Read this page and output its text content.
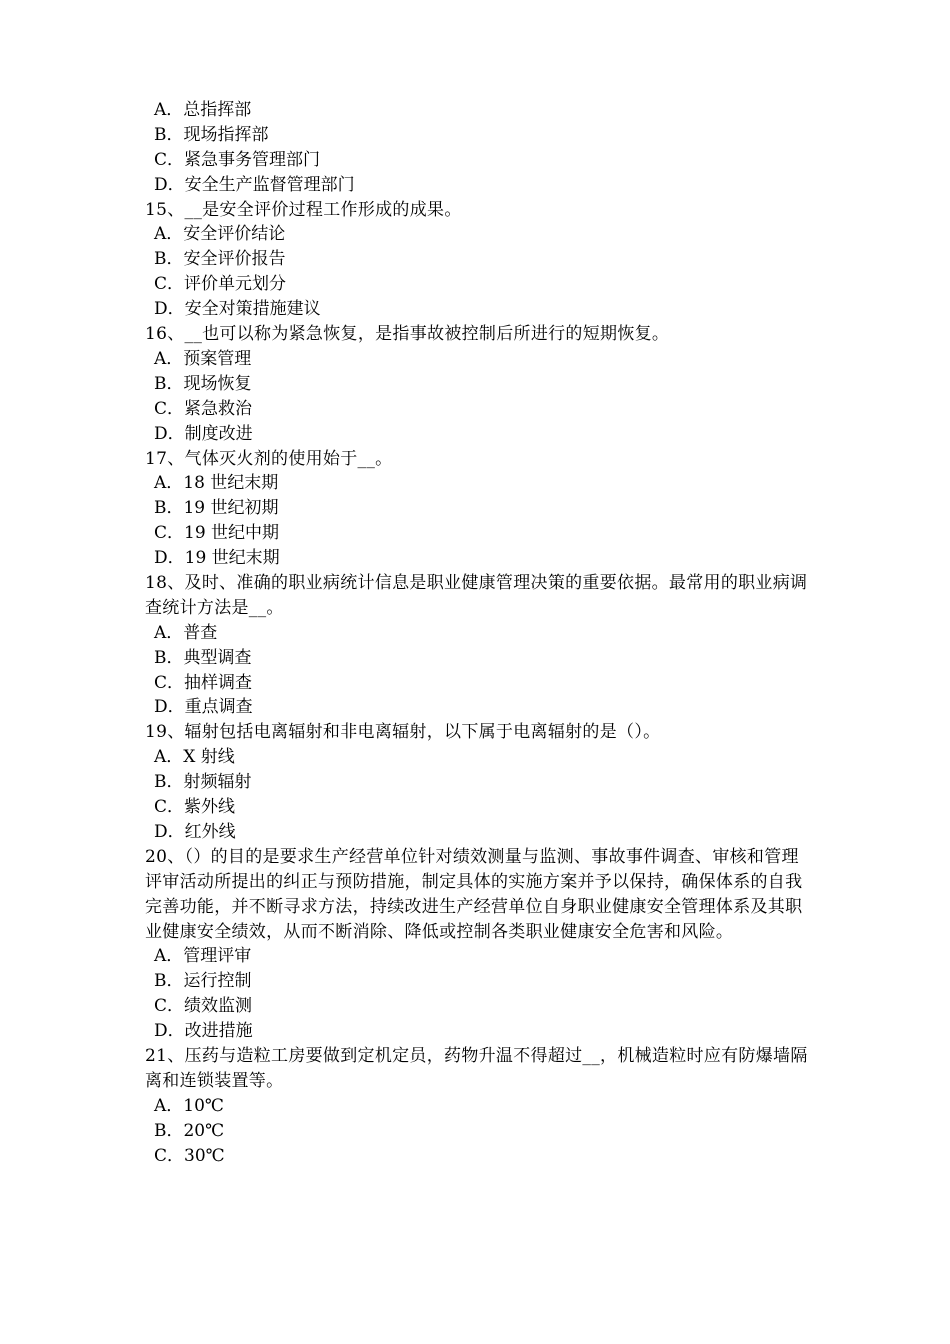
A．总指挥部
B．现场指挥部
C．紧急事务管理部门
D．安全生产监督管理部门
15、__是安全评价过程工作形成的成果。
A．安全评价结论
B．安全评价报告
C．评价单元划分
D．安全对策措施建议
16、__也可以称为紧急恢复，是指事故被控制后所进行的短期恢复。
A．预案管理
B．现场恢复
C．紧急救治
D．制度改进
17、气体灭火剂的使用始于__。
A．18 世纪末期
B．19 世纪初期
C．19 世纪中期
D．19 世纪末期
18、及时、准确的职业病统计信息是职业健康管理决策的重要依据。最常用的职业病调查统计方法是__。
A．普查
B．典型调查
C．抽样调查
D．重点调查
19、辐射包括电离辐射和非电离辐射，以下属于电离辐射的是（）。
A．X 射线
B．射频辐射
C．紫外线
D．红外线
20、（）的目的是要求生产经营单位针对绩效测量与监测、事故事件调查、审核和管理评审活动所提出的纠正与预防措施，制定具体的实施方案并予以保持，确保体系的自我完善功能，并不断寻求方法，持续改进生产经营单位自身职业健康安全管理体系及其职业健康安全绩效，从而不断消除、降低或控制各类职业健康安全危害和风险。
A．管理评审
B．运行控制
C．绩效监测
D．改进措施
21、压药与造粒工房要做到定机定员，药物升温不得超过__，机械造粒时应有防爆墙隔离和连锁装置等。
A．10℃
B．20℃
C．30℃
